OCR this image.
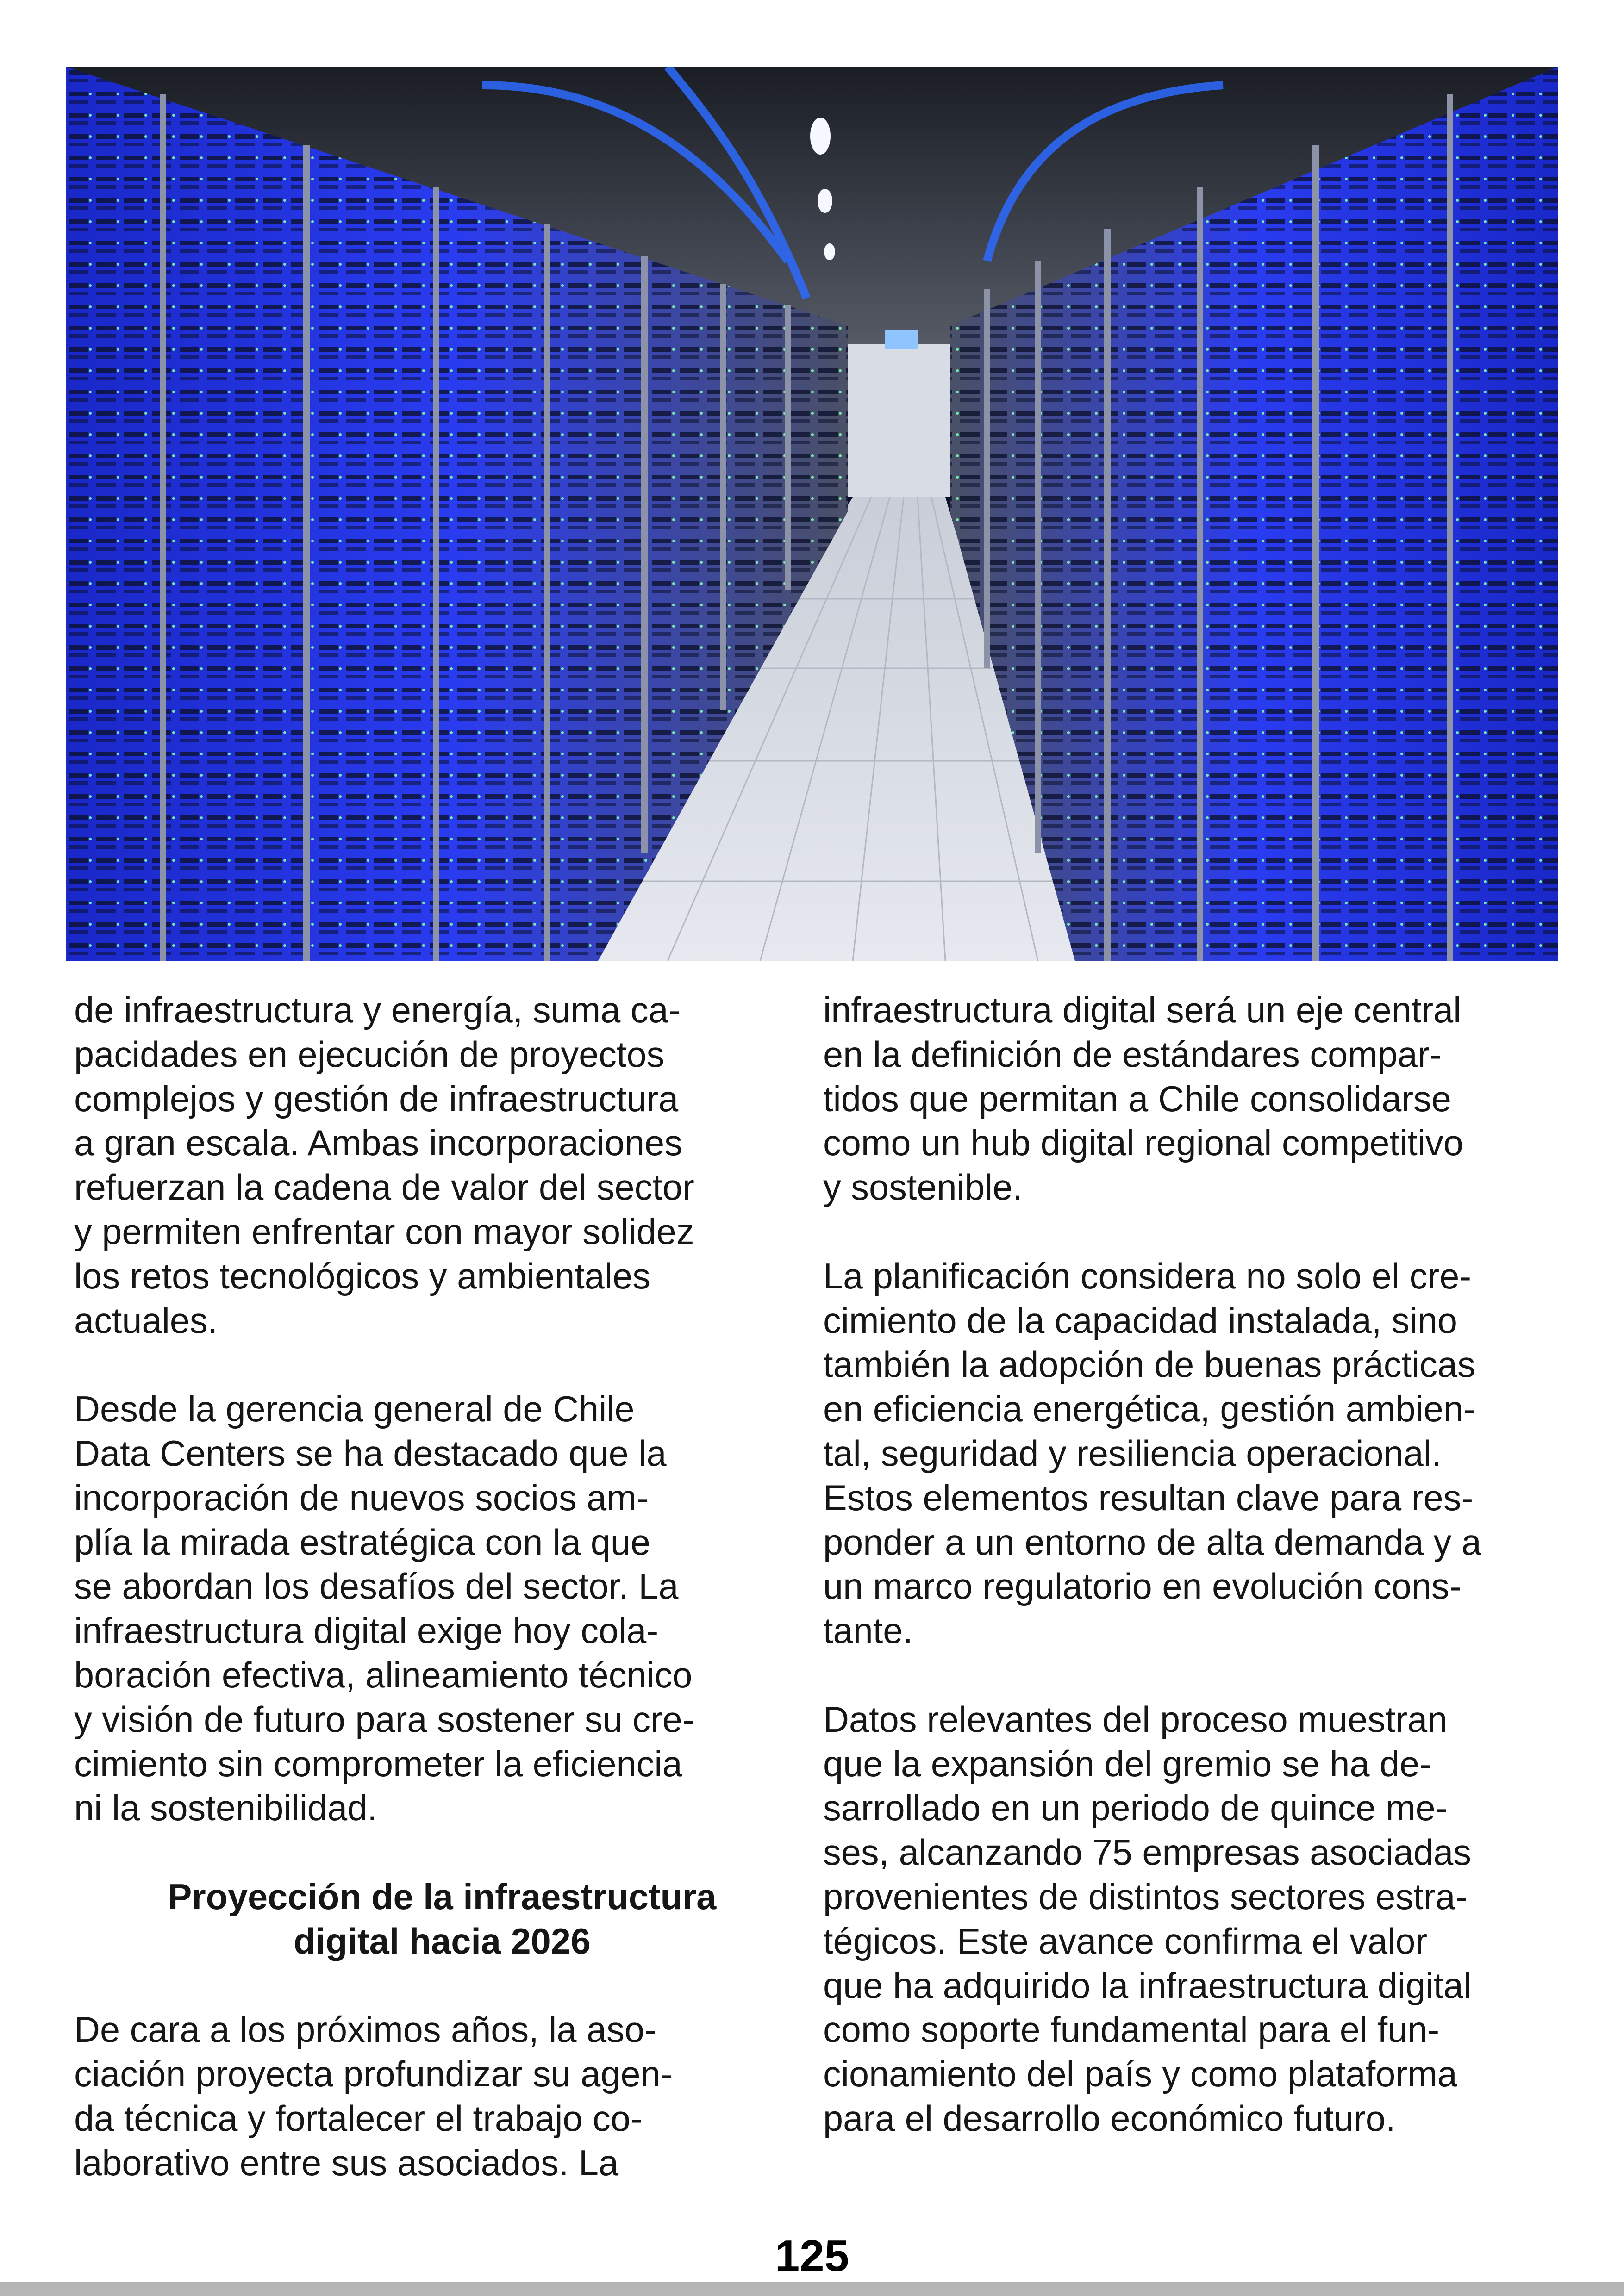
de infraestructura y energía, suma ca-
pacidades en ejecución de proyectos
complejos y gestión de infraestructura
a gran escala. Ambas incorporaciones
refuerzan la cadena de valor del sector
y permiten enfrentar con mayor solidez
los retos tecnológicos y ambientales
actuales.

Desde la gerencia general de Chile
Data Centers se ha destacado que la
incorporación de nuevos socios am-
plía la mirada estratégica con la que
se abordan los desafíos del sector. La
infraestructura digital exige hoy cola-
boración efectiva, alineamiento técnico
y visión de futuro para sostener su cre-
cimiento sin comprometer la eficiencia
ni la sostenibilidad.

Proyección de la infraestructura
digital hacia 2026

De cara a los próximos años, la aso-
ciación proyecta profundizar su agen-
da técnica y fortalecer el trabajo co-
laborativo entre sus asociados. La

infraestructura digital será un eje central
en la definición de estándares compar-
tidos que permitan a Chile consolidarse
como un hub digital regional competitivo
y sostenible.

La planificación considera no solo el cre-
cimiento de la capacidad instalada, sino
también la adopción de buenas prácticas
en eficiencia energética, gestión ambien-
tal, seguridad y resiliencia operacional.
Estos elementos resultan clave para res-
ponder a un entorno de alta demanda y a
un marco regulatorio en evolución cons-
tante.

Datos relevantes del proceso muestran
que la expansión del gremio se ha de-
sarrollado en un periodo de quince me-
ses, alcanzando 75 empresas asociadas
provenientes de distintos sectores estra-
tégicos. Este avance confirma el valor
que ha adquirido la infraestructura digital
como soporte fundamental para el fun-
cionamiento del país y como plataforma
para el desarrollo económico futuro.

125
